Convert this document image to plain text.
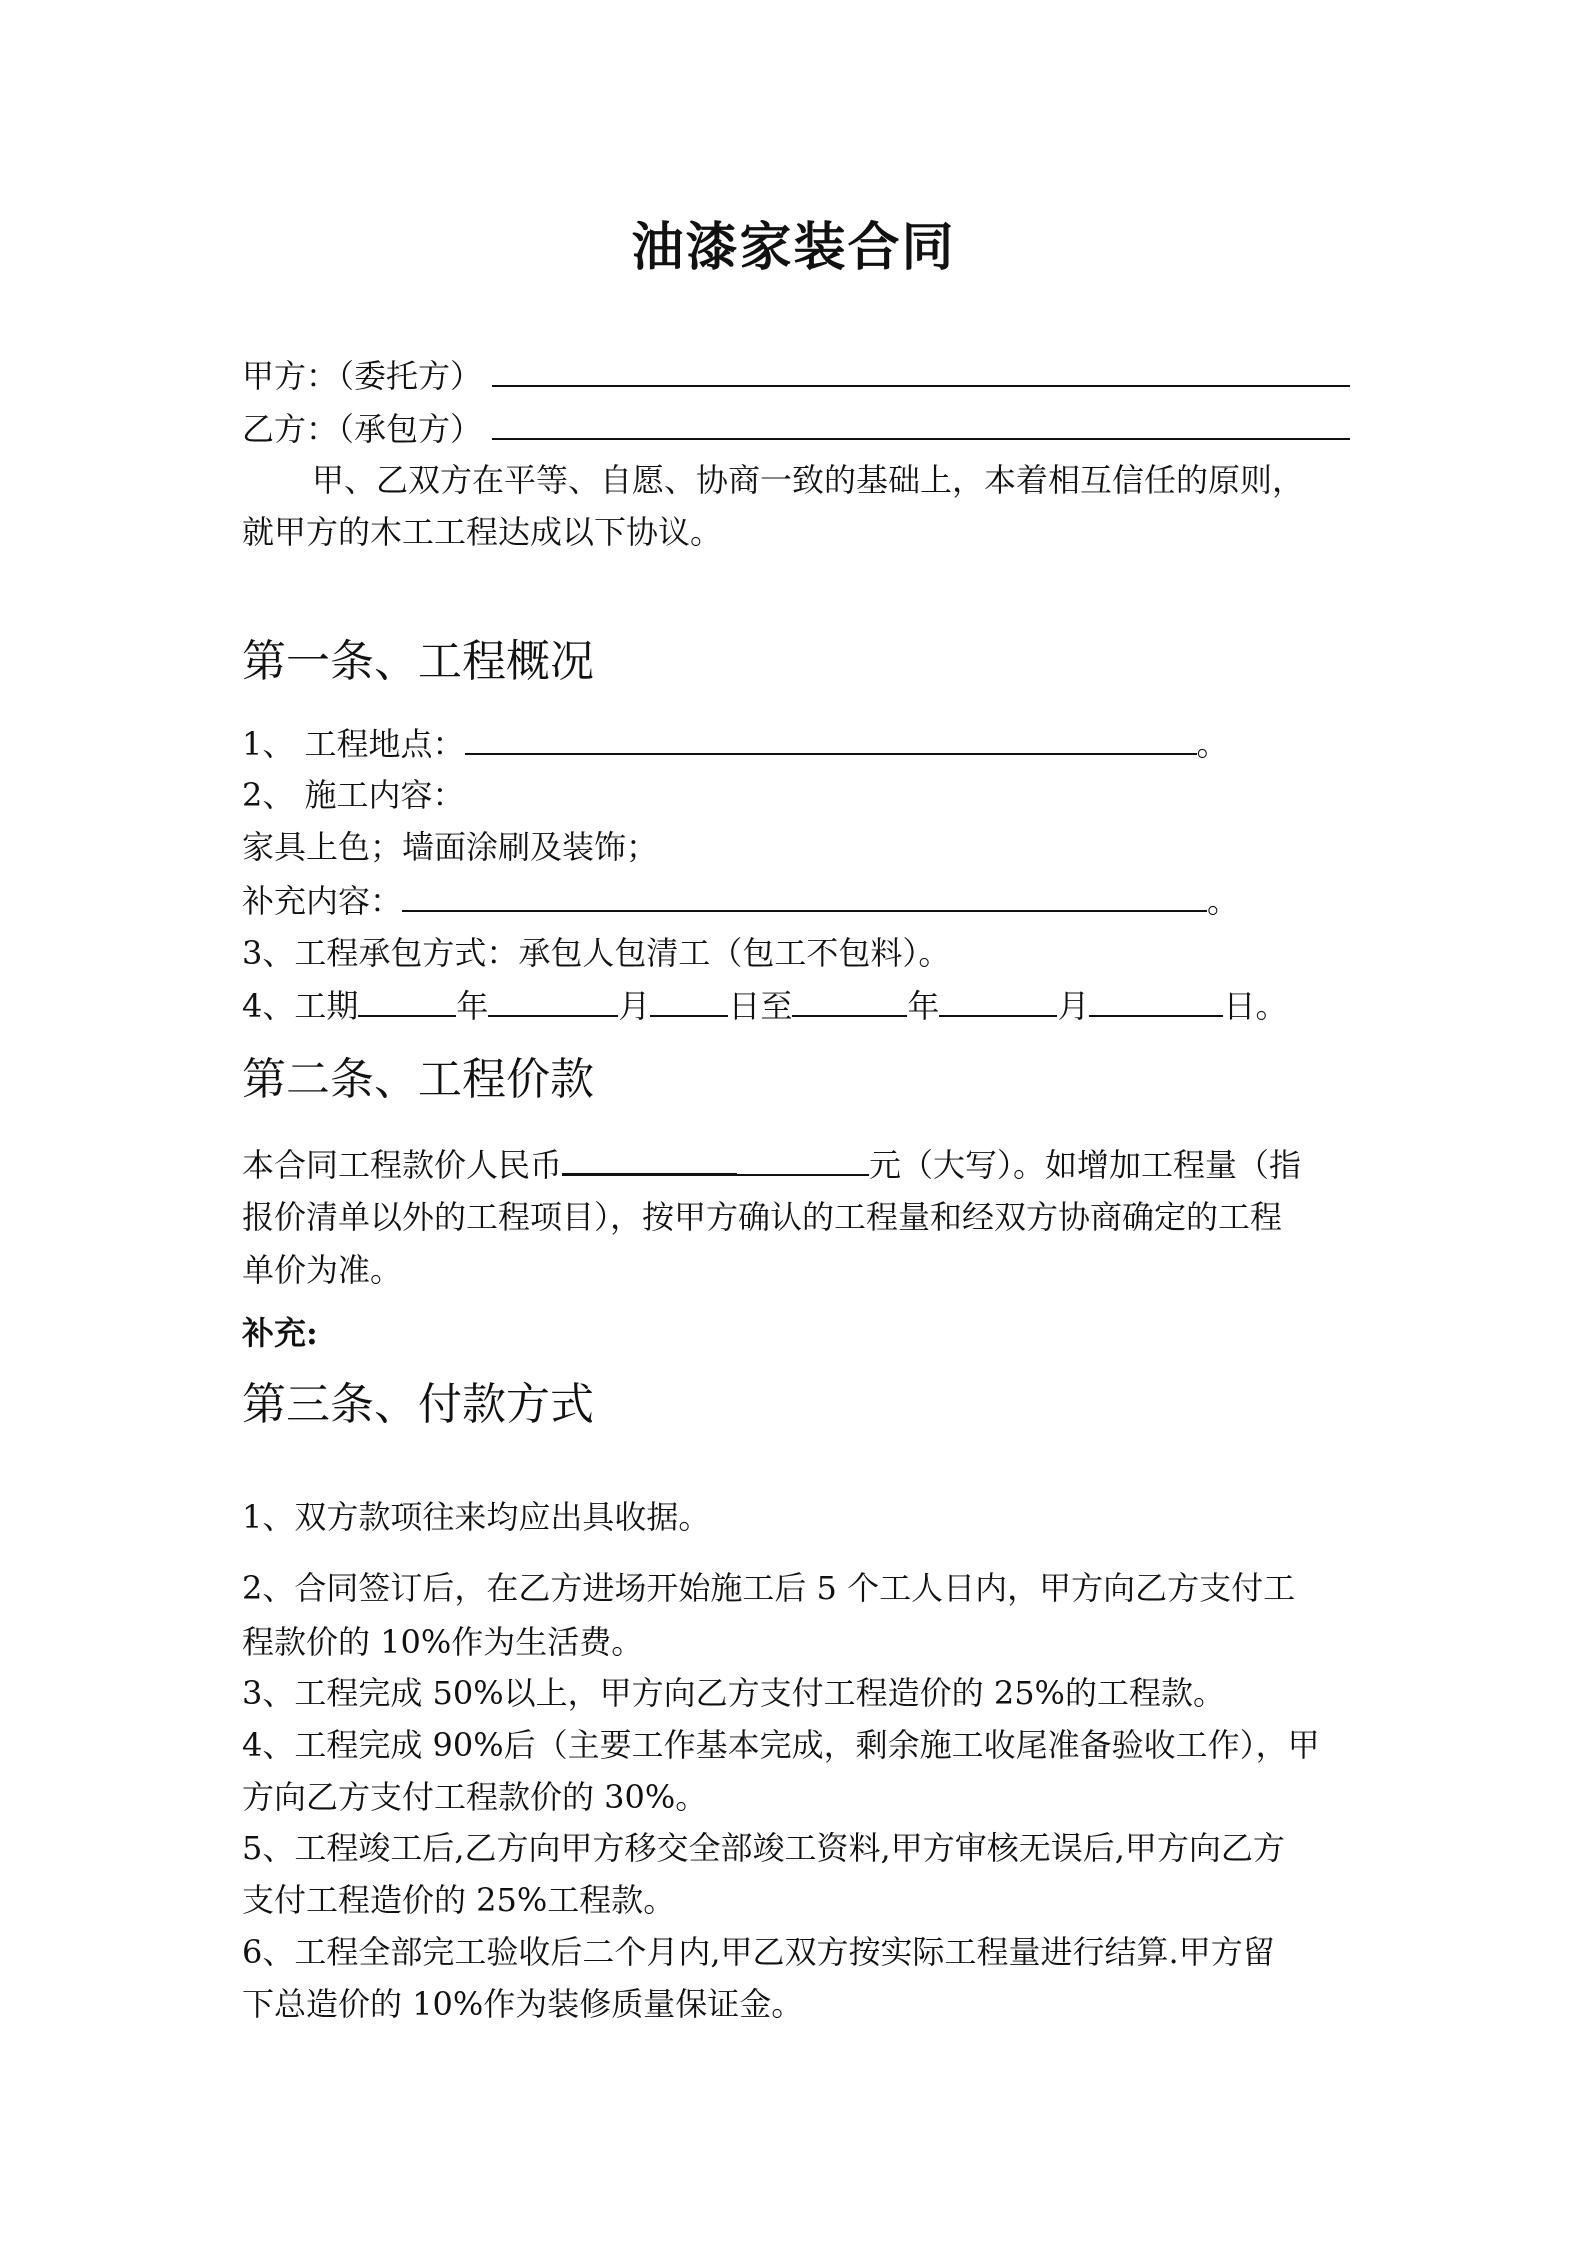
油漆家装合同
甲方：（委托方）
乙方：（承包方）
甲、乙双方在平等、自愿、协商一致的基础上，本着相互信任的原则，
就甲方的木工工程达成以下协议。
第一条、工程概况
1、 工程地点：	。
2、 施工内容：
家具上色；墙面涂刷及装饰；
补充内容：	。
3、工程承包方式：承包人包清工（包工不包料）。
4、工期	年	月 日至	年	月	日。
第二条、工程价款
本合同工程款价人民币	元（大写）。如增加工程量（指
报价清单以外的工程项目），按甲方确认的工程量和经双方协商确定的工程
单价为准。
补充:
第三条、付款方式
1、双方款项往来均应出具收据。
2、合同签订后，在乙方进场开始施工后 5 个工人日内，甲方向乙方支付工
程款价的 10%作为生活费。
3、工程完成 50%以上，甲方向乙方支付工程造价的 25%的工程款。
4、工程完成 90%后（主要工作基本完成，剩余施工收尾准备验收工作），甲
方向乙方支付工程款价的 30%。
5、工程竣工后,乙方向甲方移交全部竣工资料,甲方审核无误后,甲方向乙方
支付工程造价的 25%工程款。
6、工程全部完工验收后二个月内,甲乙双方按实际工程量进行结算.甲方留
下总造价的 10%作为装修质量保证金。
